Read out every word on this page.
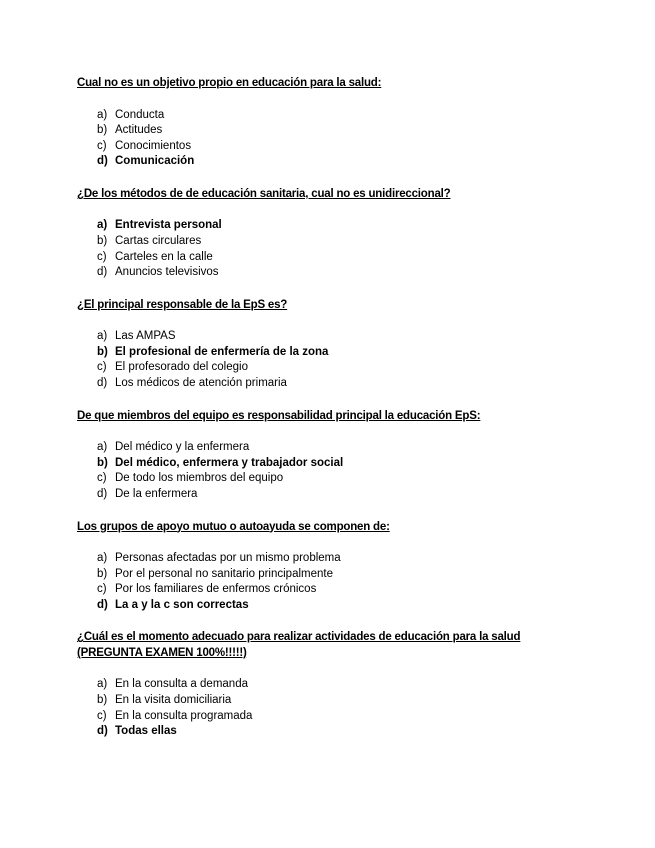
Cual no es un objetivo propio en educación para la salud:
a) Conducta
b) Actitudes
c) Conocimientos
d) Comunicación
¿De los métodos de de educación sanitaria, cual no es unidireccional?
a) Entrevista personal
b) Cartas circulares
c) Carteles en la calle
d) Anuncios televisivos
¿El principal responsable de la EpS es?
a) Las AMPAS
b) El profesional de enfermería de la zona
c) El profesorado del colegio
d) Los médicos de atención primaria
De que miembros del equipo es responsabilidad principal la educación EpS:
a) Del médico y la enfermera
b) Del médico, enfermera y trabajador social
c) De todo los miembros del equipo
d) De la enfermera
Los grupos de apoyo mutuo o autoayuda se componen de:
a) Personas afectadas por un mismo problema
b) Por el personal no sanitario principalmente
c) Por los familiares de enfermos crónicos
d) La a y la c son correctas
¿Cuál es el momento adecuado para realizar actividades de educación para la salud (PREGUNTA EXAMEN 100%!!!!!)
a) En la consulta a demanda
b) En la visita domiciliaria
c) En la consulta programada
d) Todas ellas
